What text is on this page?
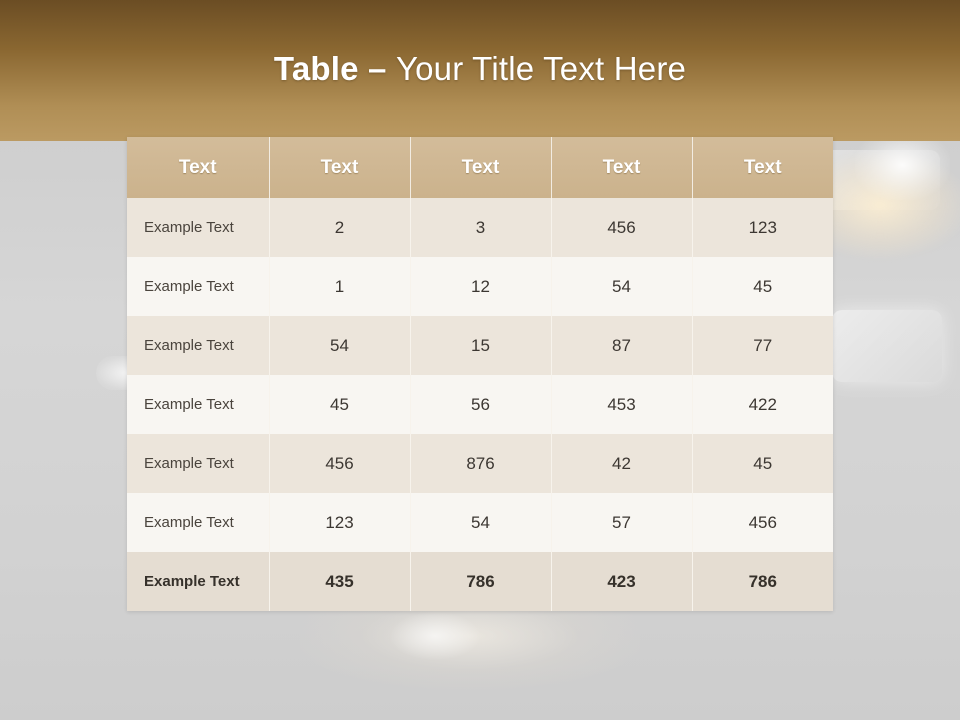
Table – Your Title Text Here
Text	Text	Text	Text	Text
Example Text	2	3	456	123
Example Text	1	12	54	45
Example Text	54	15	87	77
Example Text	45	56	453	422
Example Text	456	876	42	45
Example Text	123	54	57	456
Example Text	435	786	423	786
